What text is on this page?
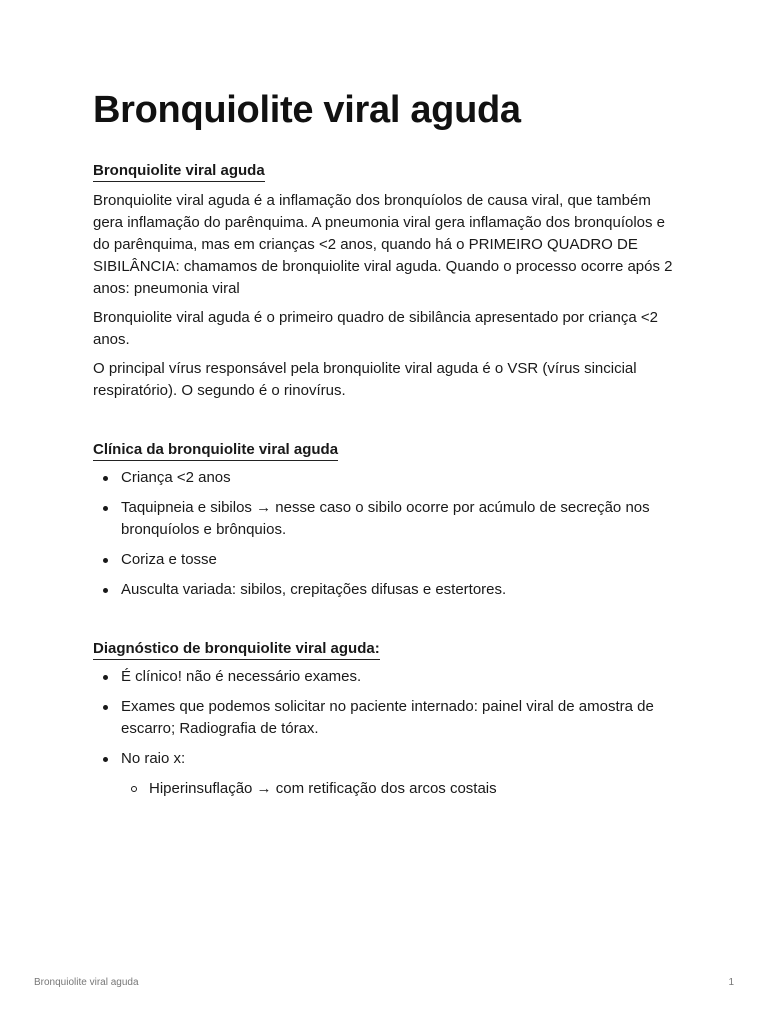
Bronquiolite viral aguda
Bronquiolite viral aguda

Bronquiolite viral aguda é a inflamação dos bronquíolos de causa viral, que também gera inflamação do parênquima. A pneumonia viral gera inflamação dos bronquíolos e do parênquima, mas em crianças <2 anos, quando há o PRIMEIRO QUADRO DE SIBILÂNCIA: chamamos de bronquiolite viral aguda. Quando o processo ocorre após 2 anos: pneumonia viral

Bronquiolite viral aguda é o primeiro quadro de sibilância apresentado por criança <2 anos.

O principal vírus responsável pela bronquiolite viral aguda é o VSR (vírus sincicial respiratório). O segundo é o rinovírus.

Clínica da bronquiolite viral aguda
Criança <2 anos
Taquipneia e sibilos → nesse caso o sibilo ocorre por acúmulo de secreção nos bronquíolos e brônquios.
Coriza e tosse
Ausculta variada: sibilos, crepitações difusas e estertores.
Diagnóstico de bronquiolite viral aguda:
É clínico! não é necessário exames.
Exames que podemos solicitar no paciente internado: painel viral de amostra de escarro; Radiografia de tórax.
No raio x:
Hiperinsuflação → com retificação dos arcos costais
Bronquiolite viral aguda	1
